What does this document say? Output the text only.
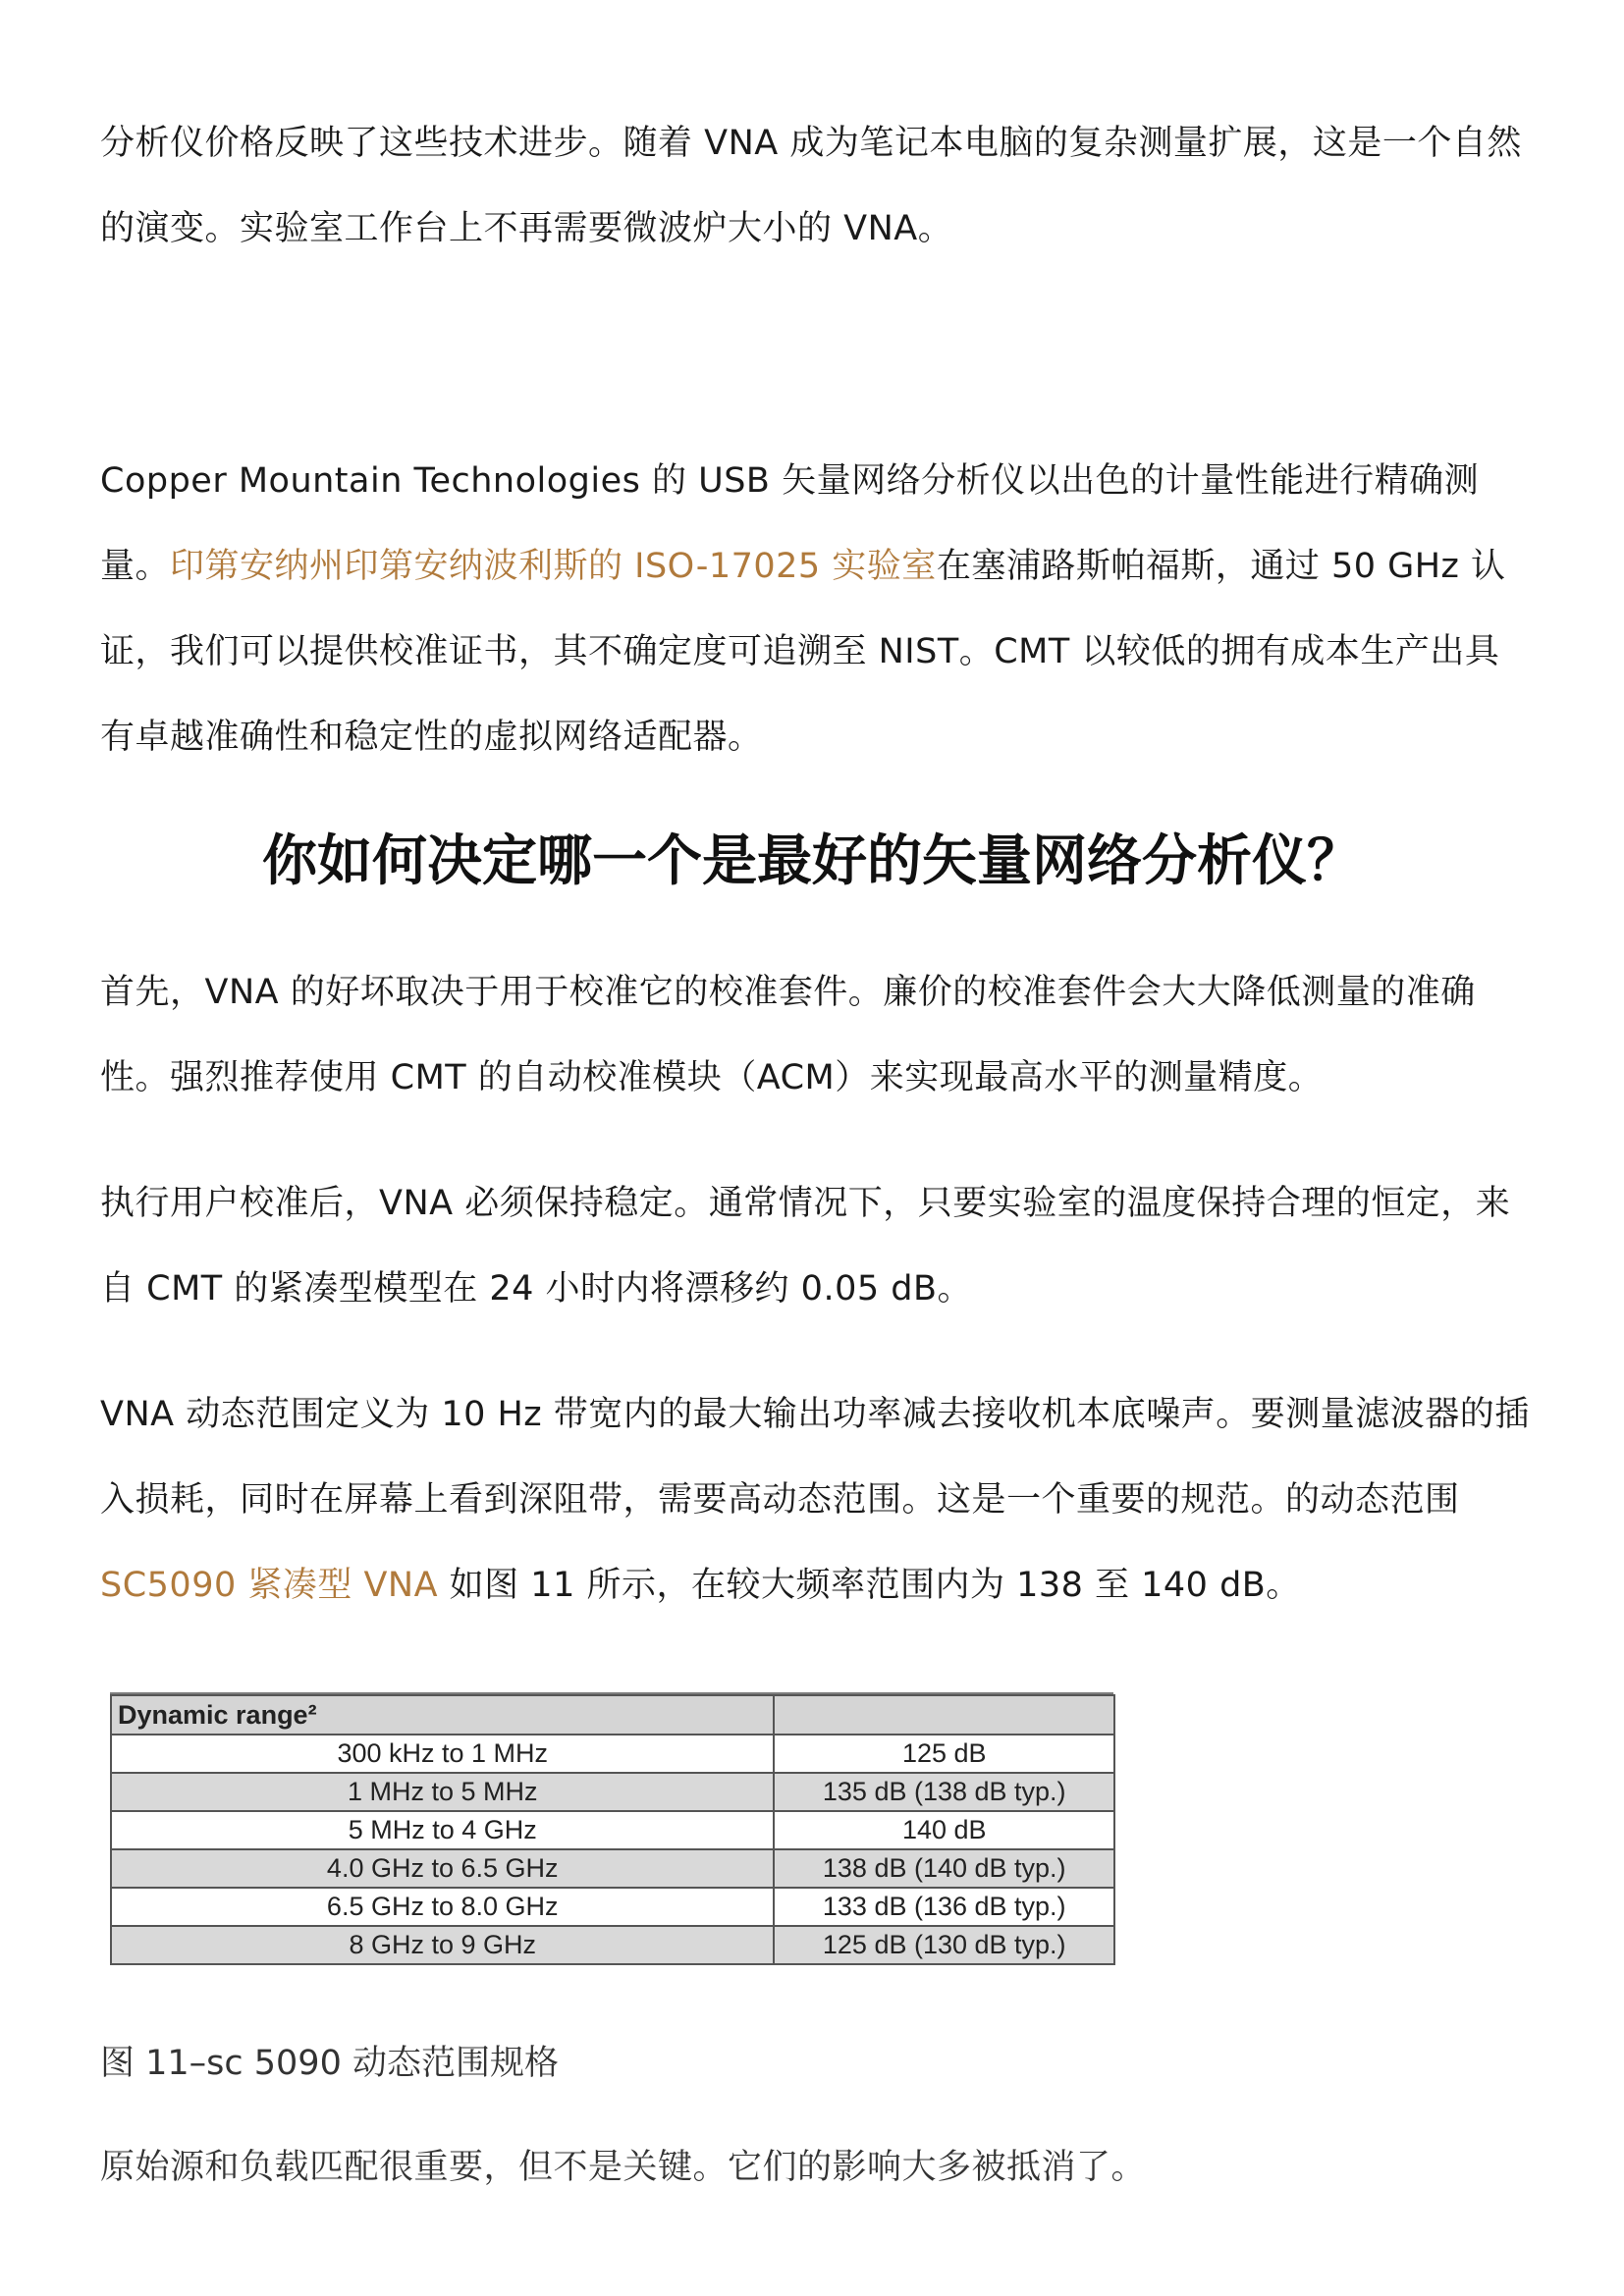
分析仪价格反映了这些技术进步。随着 VNA 成为笔记本电脑的复杂测量扩展，这是一个自然的演变。实验室工作台上不再需要微波炉大小的 VNA。

Copper Mountain Technologies 的 USB 矢量网络分析仪以出色的计量性能进行精确测量。印第安纳州印第安纳波利斯的 ISO-17025 实验室在塞浦路斯帕福斯，通过 50 GHz 认证，我们可以提供校准证书，其不确定度可追溯至 NIST。CMT 以较低的拥有成本生产出具有卓越准确性和稳定性的虚拟网络适配器。

你如何决定哪一个是最好的矢量网络分析仪？

首先，VNA 的好坏取决于用于校准它的校准套件。廉价的校准套件会大大降低测量的准确性。强烈推荐使用 CMT 的自动校准模块（ACM）来实现最高水平的测量精度。

执行用户校准后，VNA 必须保持稳定。通常情况下，只要实验室的温度保持合理的恒定，来自 CMT 的紧凑型模型在 24 小时内将漂移约 0.05 dB。

VNA 动态范围定义为 10 Hz 带宽内的最大输出功率减去接收机本底噪声。要测量滤波器的插入损耗，同时在屏幕上看到深阻带，需要高动态范围。这是一个重要的规范。的动态范围 SC5090 紧凑型 VNA 如图 11 所示，在较大频率范围内为 138 至 140 dB。

Dynamic range²	
300 kHz to 1 MHz	125 dB
1 MHz to 5 MHz	135 dB (138 dB typ.)
5 MHz to 4 GHz	140 dB
4.0 GHz to 6.5 GHz	138 dB (140 dB typ.)
6.5 GHz to 8.0 GHz	133 dB (136 dB typ.)
8 GHz to 9 GHz	125 dB (130 dB typ.)

图 11–sc 5090 动态范围规格

原始源和负载匹配很重要，但不是关键。它们的影响大多被抵消了。
